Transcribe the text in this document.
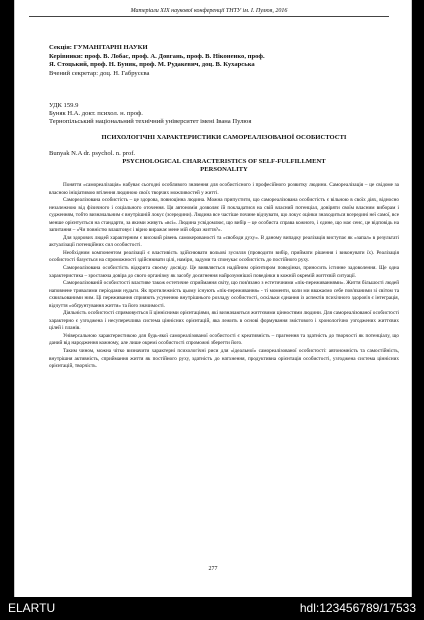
Матеріали XIX наукової конференції ТНТУ ім. І. Пулюя, 2016
Секція: ГУМАНІТАРНІ НАУКИ
Керівники: проф. В. Лобас, проф. А. Довгань, проф. В. Ніконенко, проф.
Я. Стоцький, проф. Н. Буняк, проф. М. Рудакевич, доц. В. Кухарська
Вчений секретар: доц. Н. Габрусєва
УДК 159.9
Буняк Н.А. докт. психол. н. проф.
Тернопільський національний технічний університет імені Івана Пулюя
ПСИХОЛОГІЧНІ ХАРАКТЕРИСТИКИ САМОРЕАЛІЗОВАНОЇ ОСОБИСТОСТІ
Bunyak N.A dr. psychol. n. prof.
PSYCHOLOGICAL CHARACTERISTICS OF SELF-FULFILLMENT
PERSONALITY

Поняття «самореалізація» набуває сьогодні особливого значення для особистісного і професійного розвитку людини. Самореалізація – це свідоме за власною ініціативою втілення людиною своїх творчих можливостей у житті.

Самореалізована особистість – це здорова, повноцінна людина. Можна припустити, що самореалізована особистість є вільною в своїх діях, відносно незалежною від фізичного і соціального оточення. Ця автономія дозволяє їй покладатися на свій власний потенціал, довіряти своїм власним виборам і судженням, тобто визначальним є внутрішній локус (зсередини). Людина все частіше почине відчувати, що локус оцінки знаходиться всередині неї самої, все менше орієнтується на стандарти, за якими живуть «всі». Людина усвідомлює, що вибір – це особиста справа кожного, і єдине, що має сенс, це відповідь на запитання – «Чи повністю влаштовує і вірно виражає мене мій образ життя?».

Для здорових людей характерним є високий рівень самокерованості та «свободи духу». В даному випадку реалізація виступає як «запал» в результаті актуалізації потенційних сил особистості.

Необхідним компонентом реалізації є властивість здійснювати вольові зусилля (проводити вибір, приймати рішення і виконувати їх). Реалізація особистості базується на спроможності здійснювати цілі, наміри, задуми та спонукає особистість до постійного руху.

Самореалізована особистість відкрита своєму досвіду. Це виявляється надійним орієнтиром поведінки, приносить істинне задоволення. Ще одна характеристика – зростаюча довіра до свого організму як засобу досягнення найрозумнішої поведінки в кожній окремій життєвій ситуації.

Самореалізованій особистості властиве також естетичне сприймання світу, що пов'язано з естетичними «пік-переживаннями». Життя більшості людей наповнене тривалими періодами нудьги. Як протилежність цьому існують «пік-переживання» - ті моменти, коли ми вважаємо себе пов'язаними зі світом та схвильованими ним. Ці переживання сприяють усуненню внутрішнього розладу особистості, оскільки єднання із аспектів психічного здоров'я є інтеграція, відчуття «обґрунтування життя» та його значимості.

Діяльність особистості спрямовується її ціннісними орієнтаціями, які визначаються життєвими цінностями людини. Для самореалізованої особистості характерно є узгоджена і несуперечлива система ціннісних орієнтацій, яка лежить в основі формування змістового і хронологічно узгоджених життєвих цілей і планів.

Універсальною характеристикою для будь-якої самореалізованої особистості є креативність – прагнення та здатність до творчості як потенціалу, що даний від народження кожному, але лише окремі особистості спроможні зберегти його.

Таким чином, можна чітко визначити характерні психологічні риси для «ідеальної» самореалізованої особистості: автономність та самостійність, внутрішня активність, сприймання життя як постійного руху, здатність до натхнення, продуктивна орієнтація особистості, узгоджена система ціннісних орієнтацій, творчість.

277
ELARTU	hdl:123456789/17533
